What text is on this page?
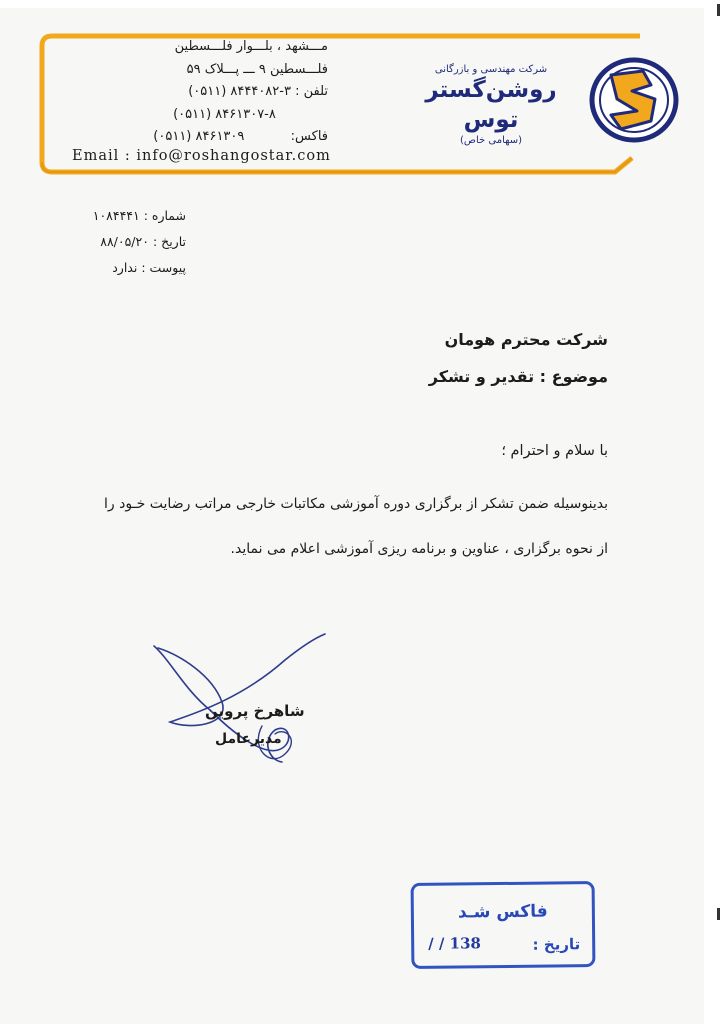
مـــشهد ، بلـــوار فلـــسطين
فلـــسطين ۹ ـــ پـــلاک ۵۹
تلفن : (۰۵۱۱) ۸۴۴۴۰۸۲-۳
(۰۵۱۱) ۸۴۶۱۳۰۷-۸
فاکس:  (۰۵۱۱) ۸۴۶۱۳۰۹
Email : info@roshangostar.com
شرکت مهندسی و بازرگانی
روشن‌گستر توس
(سهامی خاص)
شماره : ۱۰۸۴۴۴۱
تاریخ : ۸۸/۰۵/۲۰
پیوست : ندارد
شرکت محترم هومان
موضوع : تقدیر و تشکر
با سلام و احترام ؛
بدینوسیله ضمن تشکر از برگزاری دوره آموزشی مکاتبات خارجی مراتب رضایت خـود را
از نحوه برگزاری ، عناوین و برنامه ریزی آموزشی اعلام می نماید.
شاهرخ پروین
مدیرعامل
فاکس شـد
تاریخ :
/ / 138
